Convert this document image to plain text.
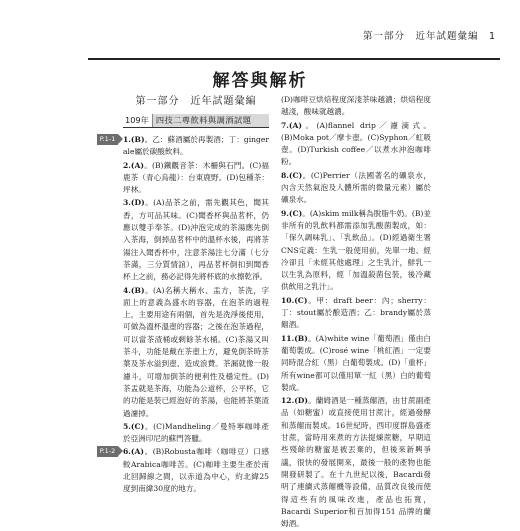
第一部分　近年試題彙編　1
解答與解析
第一部分　近年試題彙編
109年 四技二專飲料與調酒試題
P.1-1	1.(B)。乙：蘇酒屬於再製酒；丁：ginger ale屬於碳酸飲料。
2.(A)。(B)鐵觀音茶：木柵與石門。(C)福鹿茶（青心烏龍）：台東鹿野。(D)包種茶：坪林。
3.(D)。(A)品茶之前，需先觀其色，聞其香，方可品其味。(C)聞香杯與品茗杯，仍應以雙手奉茶。(D)沖泡完成的茶湯應先倒入茶海，倒掉品茗杯中的溫杯水後，再將茶湯注入聞香杯中，注意茶湯注七分滿（七分茶滿，三分質情誼），再品茗杯倒扣到聞香杯上之前，務必記得先將杯底的水擦乾淨。
4.(B)。(A)名稱大稱水、盂方，茶洗，字面上的意義為盛水的容器，在泡茶的過程上，主要用途有兩個，首先是洗淨後使用，可做為溫杯溫壺的容器；之後在泡茶過程，可以當茶渣桶或剩餘茶水桶。(C)茶湯又叫茶斗，功能是戴在茶壺上方，避免倒茶時茶葉及茶水溢到壺、造成浪費。茶漏就像一般濾斗，可增加倒茶的便利性及穩定性。(D)茶盂就是茶海，功能為公道杯，公平杯，它的功能是裝已經泡好的茶湯，也能將茶葉渣過濾掉。
5.(C)。(C)Mandheling／曼特寧咖啡產於亞洲印尼的蘇門答臘。
P.1-2	6.(A)。(B)Robusta咖啡（咖啡豆）口感較Arabica咖啡苦。(C)咖啡主要生產於南北回歸線之間，以赤道為中心，約北緯25度到南緯30度的地方。
(D)咖啡豆烘焙程度深淺茶味越濃；烘焙程度越淺，酸味就越濃。
7.(A)。(A)flannel drip／濾滴式。(B)Moka pot／摩卡壺。(C)Syphon／虹吸壺。(D)Turkish coffee／以煮水沖泡咖啡粉。
8.(C)。(C)Perrier（法國著名的礦泉水，內含天然氣泡及人體所需的微量元素）屬於礦泉水。
9.(C)。(A)skim milk稱為脫脂牛奶。(B)並非所有的乳飲料都需添加乳酸菌製成，如：「保久調味乳」、「乳飲品」。(D)經過衛生署CNS定義：生乳一般使用前，先單一地、經冷卻且「未經其他處理」之生乳汁，鮮乳一以生乳為原料，經「加溫殺菌包裝，後冷藏供飲用之乳汁」。
10.(C)。甲：draft beer：內；sherry：丁：stout屬於酿造酒；乙：brandy屬於蒸餾酒。
11.(B)。(A)white wine「葡萄酒」僅由白葡萄製成。(C)rosé wine「桃紅酒」一定要同時混合紅（黑）白葡萄製成。(D)「重杯」所有wine都可以僅用單一紅（黑）白的葡萄製成。
12.(D)。蘭姆酒是一種蒸餾酒，由甘蔗副產品（如糖蜜）或直接使用甘蔗汁，經過發酵和蒸餾而製成。16世紀時，西印度群島盛產甘蔗，當時用來煮的方法提煉蔗糖，早期這些殘餘的糖蜜是被丟棄的，但後來新興爭議，很快的發展開來，最後一般的產物也能開發研製了。在十九世紀以後，Bacardi發明了連續式蒸餾機等設備，品質改良後而使得這些有的風味改進，產品也拓寬，Bacardi Superior和百加得151 品牌的蘭姆酒。
